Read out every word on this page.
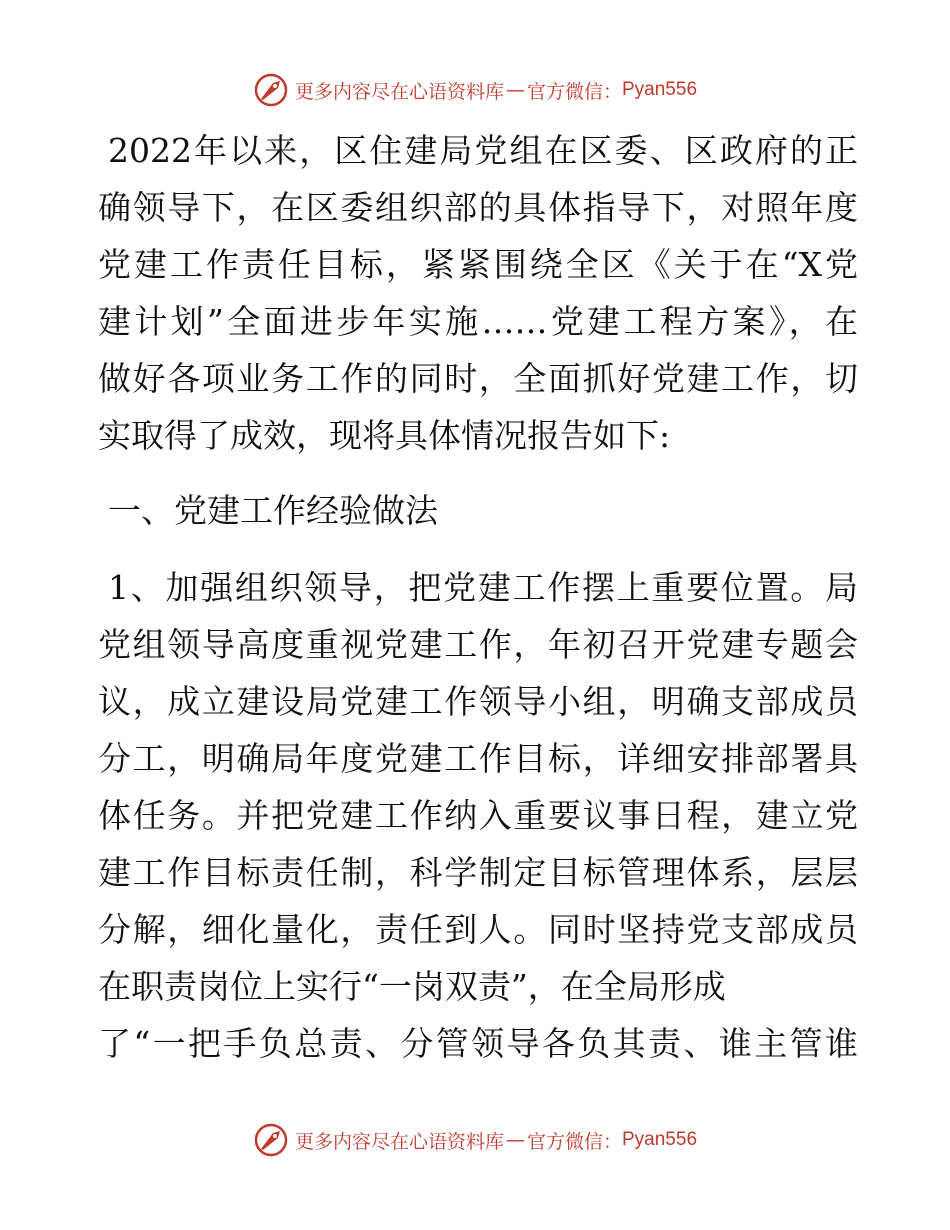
更多内容尽在心语资料库 — 官方微信： Pyan556
2022年以来，区住建局党组在区委、区政府的正
确领导下，在区委组织部的具体指导下，对照年度
党建工作责任目标，紧紧围绕全区《关于在“X党
建计划”全面进步年实施……党建工程方案》，在
做好各项业务工作的同时，全面抓好党建工作，切
实取得了成效，现将具体情况报告如下:
一、党建工作经验做法
1、加强组织领导，把党建工作摆上重要位置。局
党组领导高度重视党建工作，年初召开党建专题会
议，成立建设局党建工作领导小组，明确支部成员
分工，明确局年度党建工作目标，详细安排部署具
体任务。并把党建工作纳入重要议事日程，建立党
建工作目标责任制，科学制定目标管理体系，层层
分解，细化量化，责任到人。同时坚持党支部成员
在职责岗位上实行“一岗双责”，在全局形成
了“一把手负总责、分管领导各负其责、谁主管谁
更多内容尽在心语资料库 — 官方微信： Pyan556
